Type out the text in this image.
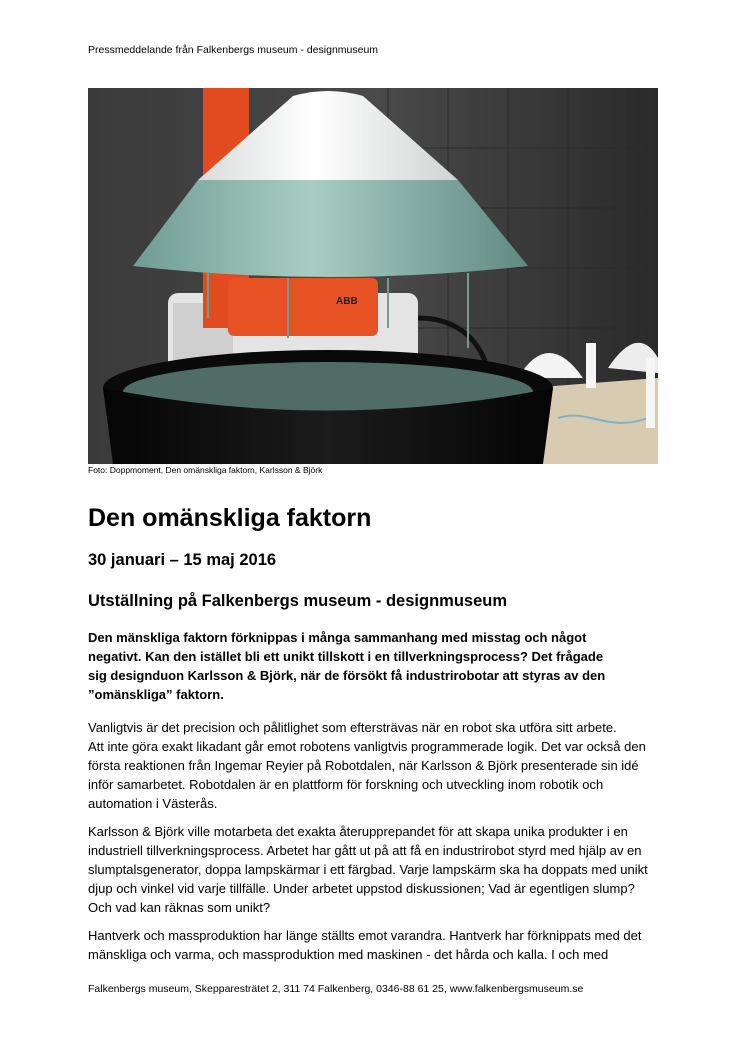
Pressmeddelande från Falkenbergs museum - designmuseum
ABB
Foto: Doppmoment, Den omänskliga faktorn, Karlsson & Björk
Den omänskliga faktorn
30 januari – 15 maj 2016
Utställning på Falkenbergs museum - designmuseum
Den mänskliga faktorn förknippas i många sammanhang med misstag och något
negativt. Kan den istället bli ett unikt tillskott i en tillverkningsprocess? Det frågade
sig designduon Karlsson & Björk, när de försökt få industrirobotar att styras av den
”omänskliga” faktorn.
Vanligtvis är det precision och pålitlighet som eftersträvas när en robot ska utföra sitt arbete.
Att inte göra exakt likadant går emot robotens vanligtvis programmerade logik. Det var också den
första reaktionen från Ingemar Reyier på Robotdalen, när Karlsson & Björk presenterade sin idé
inför samarbetet. Robotdalen är en plattform för forskning och utveckling inom robotik och
automation i Västerås.
Karlsson & Björk ville motarbeta det exakta återupprepandet för att skapa unika produkter i en
industriell tillverkningsprocess. Arbetet har gått ut på att få en industrirobot styrd med hjälp av en
slumptalsgenerator, doppa lampskärmar i ett färgbad. Varje lampskärm ska ha doppats med unikt
djup och vinkel vid varje tillfälle. Under arbetet uppstod diskussionen; Vad är egentligen slump?
Och vad kan räknas som unikt?
Hantverk och massproduktion har länge ställts emot varandra. Hantverk har förknippats med det
mänskliga och varma, och massproduktion med maskinen - det hårda och kalla. I och med
Falkenbergs museum, Skepparesträtet 2, 311 74 Falkenberg, 0346-88 61 25, www.falkenbergsmuseum.se
